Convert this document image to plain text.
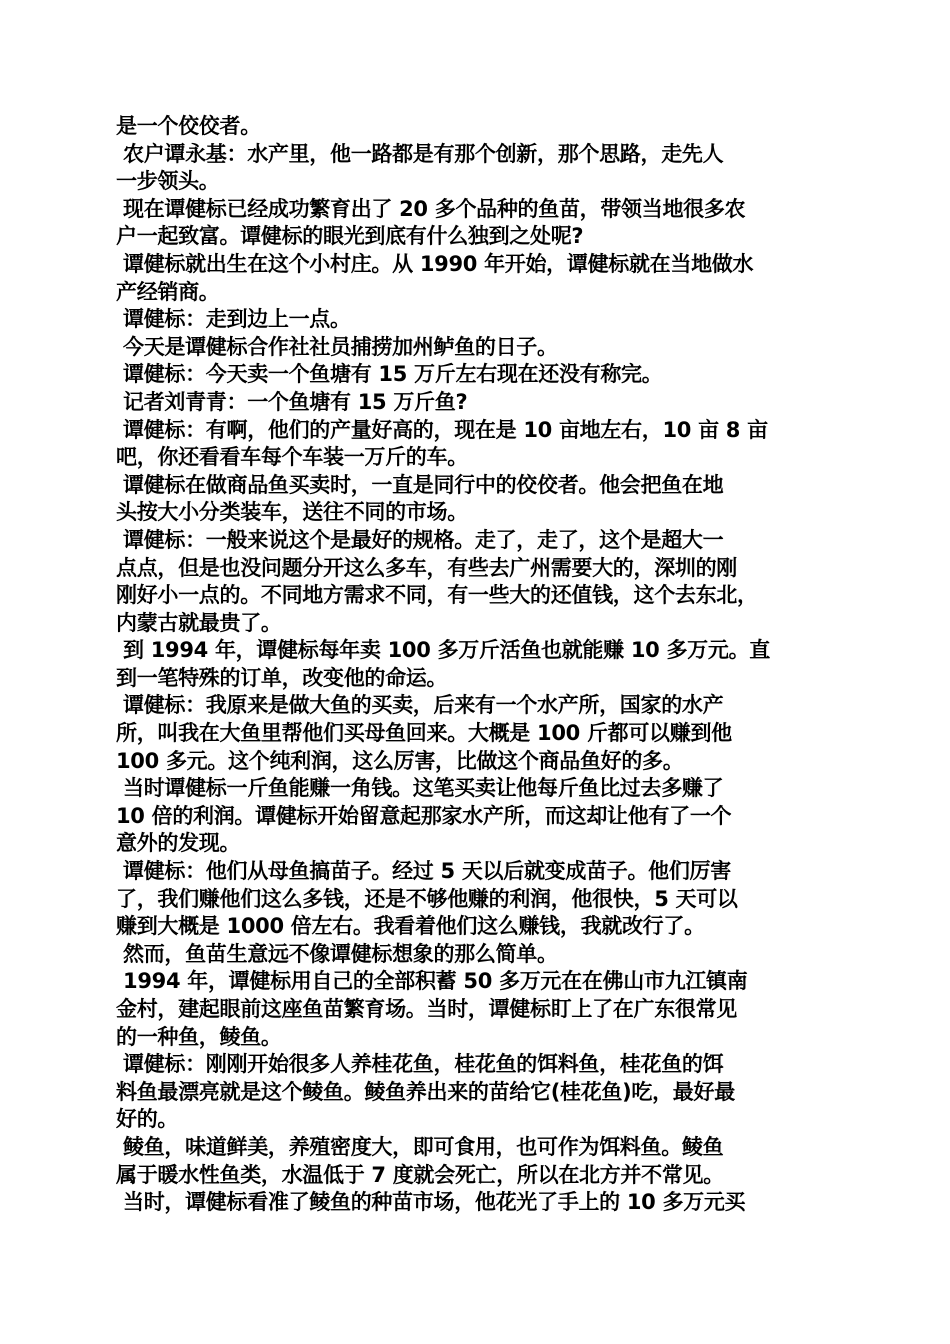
是一个佼佼者。
农户谭永基：水产里，他一路都是有那个创新，那个思路，走先人
一步领头。
现在谭健标已经成功繁育出了 20 多个品种的鱼苗，带领当地很多农
户一起致富。谭健标的眼光到底有什么独到之处呢?
谭健标就出生在这个小村庄。从 1990 年开始，谭健标就在当地做水
产经销商。
谭健标：走到边上一点。
今天是谭健标合作社社员捕捞加州鲈鱼的日子。
谭健标：今天卖一个鱼塘有 15 万斤左右现在还没有称完。
记者刘青青：一个鱼塘有 15 万斤鱼?
谭健标：有啊，他们的产量好高的，现在是 10 亩地左右，10 亩 8 亩
吧，你还看看车每个车装一万斤的车。
谭健标在做商品鱼买卖时，一直是同行中的佼佼者。他会把鱼在地
头按大小分类装车，送往不同的市场。
谭健标：一般来说这个是最好的规格。走了，走了，这个是超大一
点点，但是也没问题分开这么多车，有些去广州需要大的，深圳的刚
刚好小一点的。不同地方需求不同，有一些大的还值钱，这个去东北，
内蒙古就最贵了。
到 1994 年，谭健标每年卖 100 多万斤活鱼也就能赚 10 多万元。直
到一笔特殊的订单，改变他的命运。
谭健标：我原来是做大鱼的买卖，后来有一个水产所，国家的水产
所，叫我在大鱼里帮他们买母鱼回来。大概是 100 斤都可以赚到他
100 多元。这个纯利润，这么厉害，比做这个商品鱼好的多。
当时谭健标一斤鱼能赚一角钱。这笔买卖让他每斤鱼比过去多赚了
10 倍的利润。谭健标开始留意起那家水产所，而这却让他有了一个
意外的发现。
谭健标：他们从母鱼搞苗子。经过 5 天以后就变成苗子。他们厉害
了，我们赚他们这么多钱，还是不够他赚的利润，他很快，5 天可以
赚到大概是 1000 倍左右。我看着他们这么赚钱，我就改行了。
然而，鱼苗生意远不像谭健标想象的那么简单。
1994 年，谭健标用自己的全部积蓄 50 多万元在在佛山市九江镇南
金村，建起眼前这座鱼苗繁育场。当时，谭健标盯上了在广东很常见
的一种鱼，鲮鱼。
谭健标：刚刚开始很多人养桂花鱼，桂花鱼的饵料鱼，桂花鱼的饵
料鱼最漂亮就是这个鲮鱼。鲮鱼养出来的苗给它(桂花鱼)吃，最好最
好的。
鲮鱼，味道鲜美，养殖密度大，即可食用，也可作为饵料鱼。鲮鱼
属于暖水性鱼类，水温低于 7 度就会死亡，所以在北方并不常见。
当时，谭健标看准了鲮鱼的种苗市场，他花光了手上的 10 多万元买
